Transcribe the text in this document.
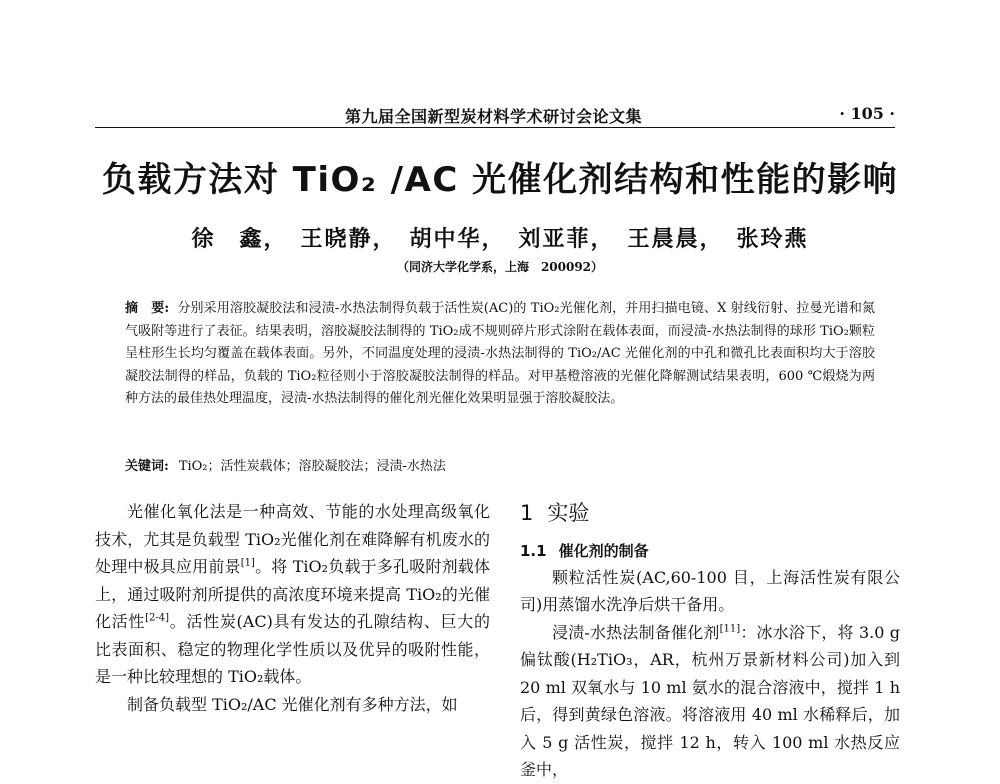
第九届全国新型炭材料学术研讨会论文集	· 105 ·
负载方法对 TiO₂ /AC 光催化剂结构和性能的影响
徐　鑫，　王晓静，　胡中华，　刘亚菲，　王晨晨，　张玲燕
（同济大学化学系，上海　200092）
摘　要: 分别采用溶胶凝胶法和浸渍-水热法制得负载于活性炭(AC)的 TiO₂光催化剂，并用扫描电镜、X 射线衍射、拉曼光谱和氮气吸附等进行了表征。结果表明，溶胶凝胶法制得的 TiO₂成不规则碎片形式涂附在载体表面，而浸渍-水热法制得的球形 TiO₂颗粒呈柱形生长均匀覆盖在载体表面。另外，不同温度处理的浸渍-水热法制得的 TiO₂/AC 光催化剂的中孔和微孔比表面积均大于溶胶凝胶法制得的样品，负载的 TiO₂粒径则小于溶胶凝胶法制得的样品。对甲基橙溶液的光催化降解测试结果表明，600 ℃煅烧为两种方法的最佳热处理温度，浸渍-水热法制得的催化剂光催化效果明显强于溶胶凝胶法。
关键词: TiO₂；活性炭载体；溶胶凝胶法；浸渍-水热法

光催化氧化法是一种高效、节能的水处理高级氧化技术，尤其是负载型 TiO₂光催化剂在难降解有机废水的处理中极具应用前景[1]。将 TiO₂负载于多孔吸附剂载体上，通过吸附剂所提供的高浓度环境来提高 TiO₂的光催化活性[2-4]。活性炭(AC)具有发达的孔隙结构、巨大的比表面积、稳定的物理化学性质以及优异的吸附性能，是一种比较理想的 TiO₂载体。

制备负载型 TiO₂/AC 光催化剂有多种方法，如

1 实验
1.1 催化剂的制备

颗粒活性炭(AC,60-100 目，上海活性炭有限公司)用蒸馏水洗净后烘干备用。

浸渍-水热法制备催化剂[11]：冰水浴下，将 3.0 g 偏钛酸(H₂TiO₃，AR，杭州万景新材料公司)加入到 20 ml 双氧水与 10 ml 氨水的混合溶液中，搅拌 1 h 后，得到黄绿色溶液。将溶液用 40 ml 水稀释后，加入 5 g 活性炭，搅拌 12 h，转入 100 ml 水热反应釜中，
